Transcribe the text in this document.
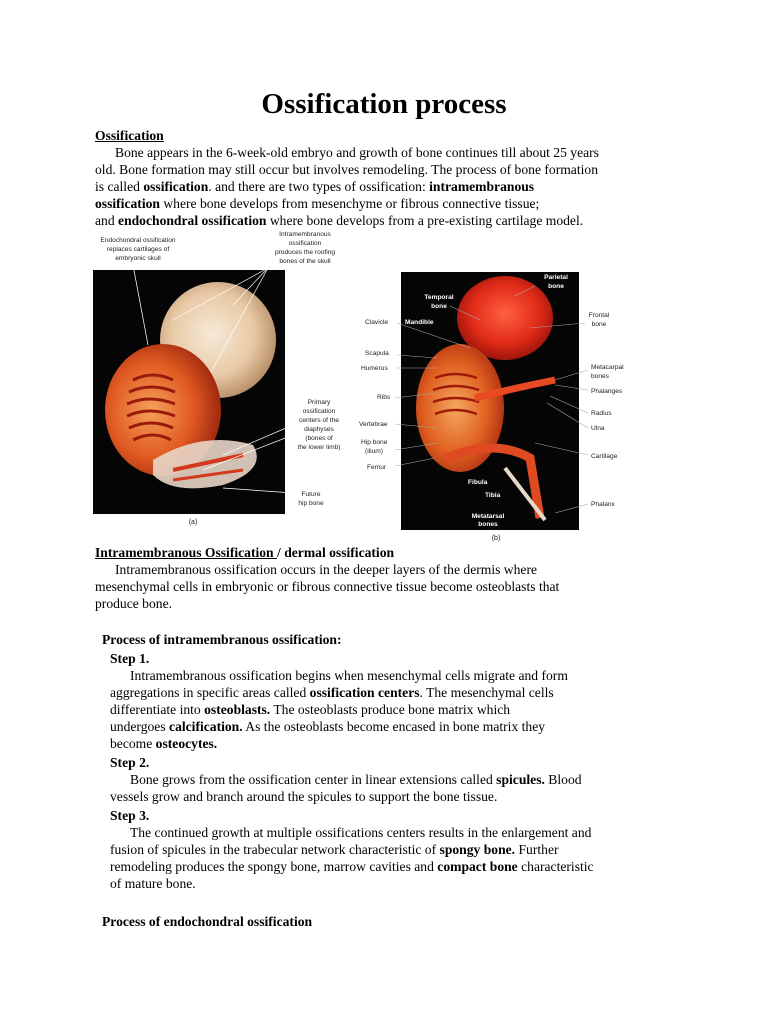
Ossification process
Ossification
Bone appears in the 6-week-old embryo and growth of bone continues till about 25 years
old. Bone formation may still occur but involves remodeling. The process of bone formation
is called ossification. and there are two types of ossification: intramembranous
ossification where bone develops from mesenchyme or fibrous connective tissue;
and endochondral ossification where bone develops from a pre-existing cartilage model.
Endochondral ossification
replaces cartilages of
embryonic skull
Intramembranous
ossification
produces the roofing
bones of the skull
Primary
ossification
centers of the
diaphyses
(bones of
the lower limb)
Future
hip bone
(a)
Parietal
bone
Temporal
bone
Frontal
bone
Clavicle	Mandible
Scapula
Humerus	Metacarpal
bones
Phalanges
Ribs
Radius
Vertebrae
Ulna
Hip bone
(ilium)
Cartilage
Femur
Fibula
Tibia
Phalanx
Metatarsal
bones
(b)
Intramembranous Ossification / dermal ossification
Intramembranous ossification occurs in the deeper layers of the dermis where
mesenchymal cells in embryonic or fibrous connective tissue become osteoblasts that
produce bone.
Process of intramembranous ossification:
Step 1.
Intramembranous ossification begins when mesenchymal cells migrate and form
aggregations in specific areas called ossification centers. The mesenchymal cells
differentiate into osteoblasts. The osteoblasts produce bone matrix which
undergoes calcification. As the osteoblasts become encased in bone matrix they
become osteocytes.
Step 2.
Bone grows from the ossification center in linear extensions called spicules. Blood
vessels grow and branch around the spicules to support the bone tissue.
Step 3.
The continued growth at multiple ossifications centers results in the enlargement and
fusion of spicules in the trabecular network characteristic of spongy bone. Further
remodeling produces the spongy bone, marrow cavities and compact bone characteristic
of mature bone.
Process of endochondral ossification
